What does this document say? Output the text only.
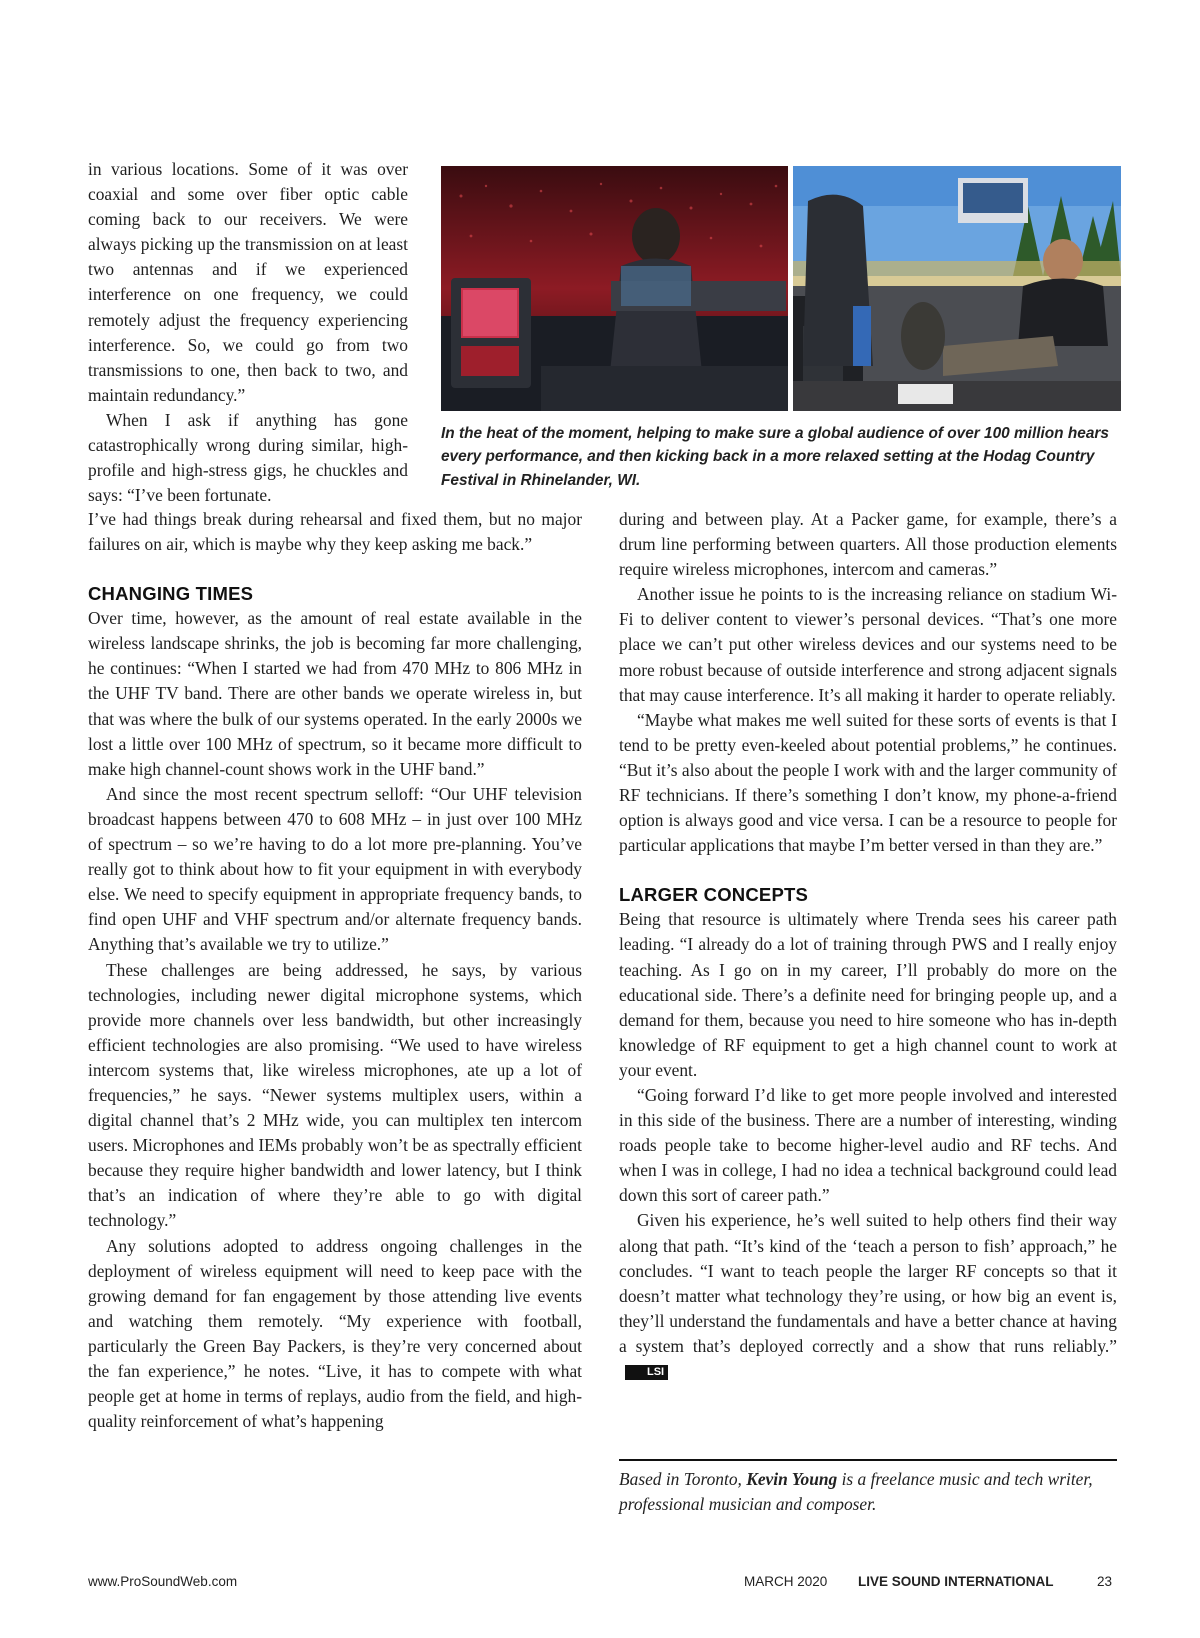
In the heat of the moment, helping to make sure a global audience of over 100 million hears every performance, and then kicking back in a more relaxed setting at the Hodag Country Festival in Rhinelander, WI.

in various locations. Some of it was over coaxial and some over fiber optic cable coming back to our receivers. We were always picking up the transmission on at least two antennas and if we experienced interference on one frequency, we could remotely adjust the frequency experiencing interference. So, we could go from two transmissions to one, then back to two, and maintain redundancy.”

When I ask if anything has gone catastrophically wrong during similar, high-profile and high-stress gigs, he chuckles and says: “I’ve been fortunate.

I’ve had things break during rehearsal and fixed them, but no major failures on air, which is maybe why they keep asking me back.”

CHANGING TIMES

Over time, however, as the amount of real estate available in the wireless landscape shrinks, the job is becoming far more challenging, he continues: “When I started we had from 470 MHz to 806 MHz in the UHF TV band. There are other bands we operate wireless in, but that was where the bulk of our systems operated. In the early 2000s we lost a little over 100 MHz of spectrum, so it became more difficult to make high channel-count shows work in the UHF band.”

And since the most recent spectrum selloff: “Our UHF television broadcast happens between 470 to 608 MHz – in just over 100 MHz of spectrum – so we’re having to do a lot more pre-planning. You’ve really got to think about how to fit your equipment in with everybody else. We need to specify equipment in appropriate frequency bands, to find open UHF and VHF spectrum and/or alternate frequency bands. Anything that’s available we try to utilize.”

These challenges are being addressed, he says, by various technologies, including newer digital microphone systems, which provide more channels over less bandwidth, but other increasingly efficient technologies are also promising. “We used to have wireless intercom systems that, like wireless microphones, ate up a lot of frequencies,” he says. “Newer systems multiplex users, within a digital channel that’s 2 MHz wide, you can multiplex ten intercom users. Microphones and IEMs probably won’t be as spectrally efficient because they require higher bandwidth and lower latency, but I think that’s an indication of where they’re able to go with digital technology.”

Any solutions adopted to address ongoing challenges in the deployment of wireless equipment will need to keep pace with the growing demand for fan engagement by those attending live events and watching them remotely. “My experience with football, particularly the Green Bay Packers, is they’re very concerned about the fan experience,” he notes. “Live, it has to compete with what people get at home in terms of replays, audio from the field, and high-quality reinforcement of what’s happening

during and between play. At a Packer game, for example, there’s a drum line performing between quarters. All those production elements require wireless microphones, intercom and cameras.”

Another issue he points to is the increasing reliance on stadium Wi-Fi to deliver content to viewer’s personal devices. “That’s one more place we can’t put other wireless devices and our systems need to be more robust because of outside interference and strong adjacent signals that may cause interference. It’s all making it harder to operate reliably.

“Maybe what makes me well suited for these sorts of events is that I tend to be pretty even-keeled about potential problems,” he continues. “But it’s also about the people I work with and the larger community of RF technicians. If there’s something I don’t know, my phone-a-friend option is always good and vice versa. I can be a resource to people for particular applications that maybe I’m better versed in than they are.”

LARGER CONCEPTS

Being that resource is ultimately where Trenda sees his career path leading. “I already do a lot of training through PWS and I really enjoy teaching. As I go on in my career, I’ll probably do more on the educational side. There’s a definite need for bringing people up, and a demand for them, because you need to hire someone who has in-depth knowledge of RF equipment to get a high channel count to work at your event.

“Going forward I’d like to get more people involved and interested in this side of the business. There are a number of interesting, winding roads people take to become higher-level audio and RF techs. And when I was in college, I had no idea a technical background could lead down this sort of career path.”

Given his experience, he’s well suited to help others find their way along that path. “It’s kind of the ‘teach a person to fish’ approach,” he concludes. “I want to teach people the larger RF concepts so that it doesn’t matter what technology they’re using, or how big an event is, they’ll understand the fundamentals and have a better chance at having a system that’s deployed correctly and a show that runs reliably.”LSI

Based in Toronto, Kevin Young is a freelance music and tech writer, professional musician and composer.
www.ProSoundWeb.com	MARCH 2020 LIVE SOUND INTERNATIONAL	23
